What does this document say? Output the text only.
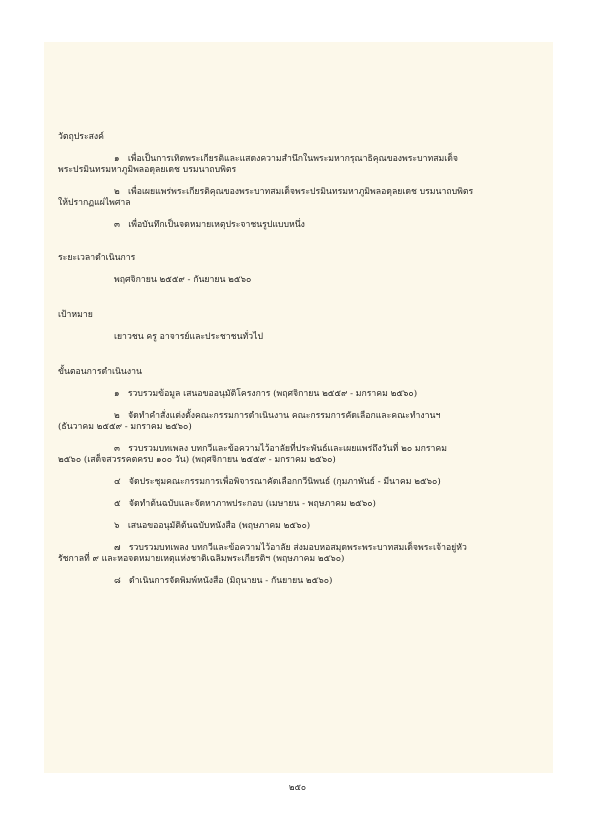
วัตถุประสงค์

๑ เพื่อเป็นการเทิดพระเกียรติและแสดงความสำนึกในพระมหากรุณาธิคุณของพระบาทสมเด็จ

พระปรมินทรมหาภูมิพลอดุลยเดช บรมนาถบพิตร

๒ เพื่อเผยแพร่พระเกียรติคุณของพระบาทสมเด็จพระปรมินทรมหาภูมิพลอดุลยเดช บรมนาถบพิตร

ให้ปรากฏแผ่ไพศาล

๓ เพื่อบันทึกเป็นจดหมายเหตุประจาชนรูปแบบหนึ่ง

ระยะเวลาดำเนินการ

พฤศจิกายน ๒๕๕๙ - กันยายน ๒๕๖๐

เป้าหมาย

เยาวชน ครู อาจารย์และประชาชนทั่วไป

ขั้นตอนการดำเนินงาน

๑ รวบรวมข้อมูล เสนอขออนุมัติโครงการ (พฤศจิกายน ๒๕๕๙ - มกราคม ๒๕๖๐)

๒ จัดทำคำสั่งแต่งตั้งคณะกรรมการดำเนินงาน คณะกรรมการคัดเลือกและคณะทำงานฯ

(ธันวาคม ๒๕๕๙ - มกราคม ๒๕๖๐)

๓ รวบรวมบทเพลง บทกวีและข้อความไว้อาลัยที่ประพันธ์และเผยแพร่ถึงวันที่ ๒๐ มกราคม

๒๕๖๐ (เสด็จสวรรคตครบ ๑๐๐ วัน) (พฤศจิกายน ๒๕๕๙ - มกราคม ๒๕๖๐)

๔ จัดประชุมคณะกรรมการเพื่อพิจารณาคัดเลือกกวีนิพนธ์ (กุมภาพันธ์ - มีนาคม ๒๕๖๐)

๕ จัดทำต้นฉบับและจัดหาภาพประกอบ (เมษายน - พฤษภาคม ๒๕๖๐)

๖ เสนอขออนุมัติต้นฉบับหนังสือ (พฤษภาคม ๒๕๖๐)

๗ รวบรวมบทเพลง บทกวีและข้อความไว้อาลัย ส่งมอบหอสมุดพระพระบาทสมเด็จพระเจ้าอยู่หัว

รัชกาลที่ ๙ และหอจดหมายเหตุแห่งชาติเฉลิมพระเกียรติฯ (พฤษภาคม ๒๕๖๐)

๘ ดำเนินการจัดพิมพ์หนังสือ (มิถุนายน - กันยายน ๒๕๖๐)

๒๕๐
